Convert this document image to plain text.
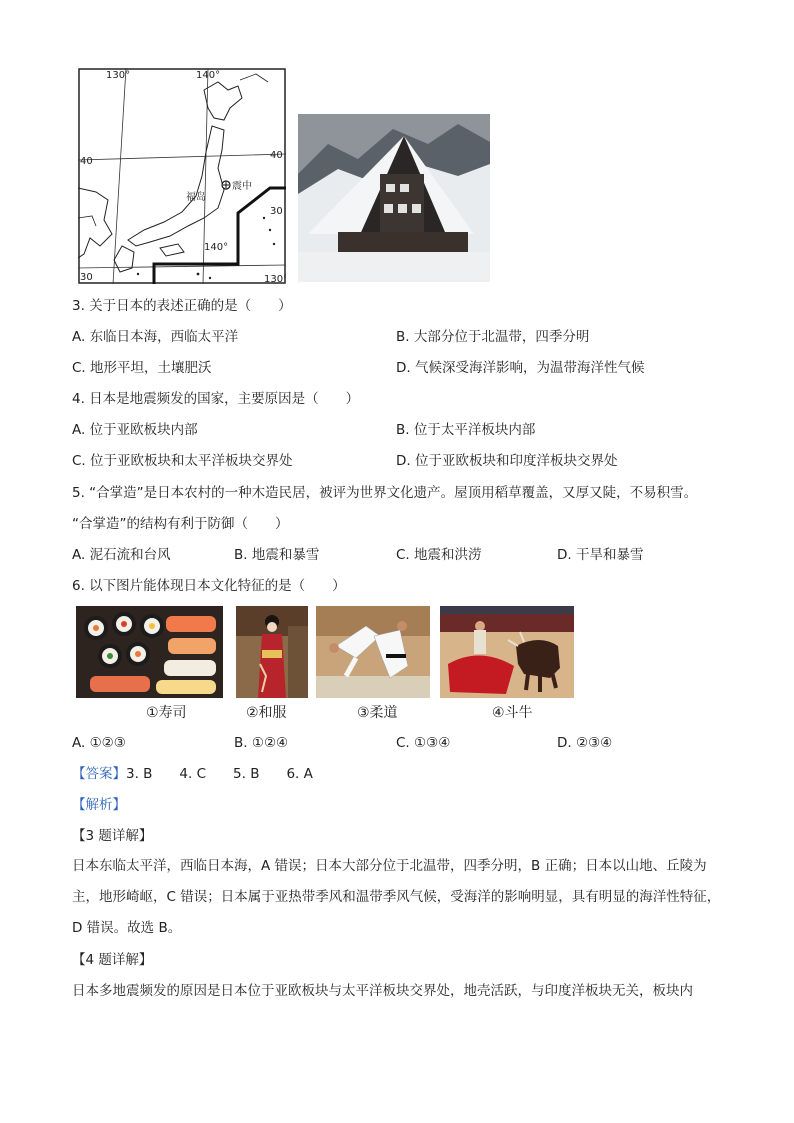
130°	140°
140°
130°
40
40
30
30
福岛
震中
3. 关于日本的表述正确的是（　　）
A. 东临日本海，西临太平洋	B. 大部分位于北温带，四季分明
C. 地形平坦，土壤肥沃	D. 气候深受海洋影响，为温带海洋性气候
4. 日本是地震频发的国家，主要原因是（　　）
A. 位于亚欧板块内部	B. 位于太平洋板块内部
C. 位于亚欧板块和太平洋板块交界处	D. 位于亚欧板块和印度洋板块交界处
5. “合掌造”是日本农村的一种木造民居，被评为世界文化遗产。屋顶用稻草覆盖，又厚又陡，不易积雪。
“合掌造”的结构有利于防御（　　）
A. 泥石流和台风	B. 地震和暴雪	C. 地震和洪涝	D. 干旱和暴雪
6. 以下图片能体现日本文化特征的是（　　）
①寿司	②和服	③柔道	④斗牛
A. ①②③	B. ①②④	C. ①③④	D. ②③④
【答案】3. B　　4. C　　5. B　　6. A
【解析】
【3 题详解】
日本东临太平洋，西临日本海，A 错误；日本大部分位于北温带，四季分明，B 正确；日本以山地、丘陵为主，地形崎岖，C 错误；日本属于亚热带季风和温带季风气候，受海洋的影响明显，具有明显的海洋性特征，D 错误。故选 B。
【4 题详解】
日本多地震频发的原因是日本位于亚欧板块与太平洋板块交界处，地壳活跃，与印度洋板块无关，板块内
